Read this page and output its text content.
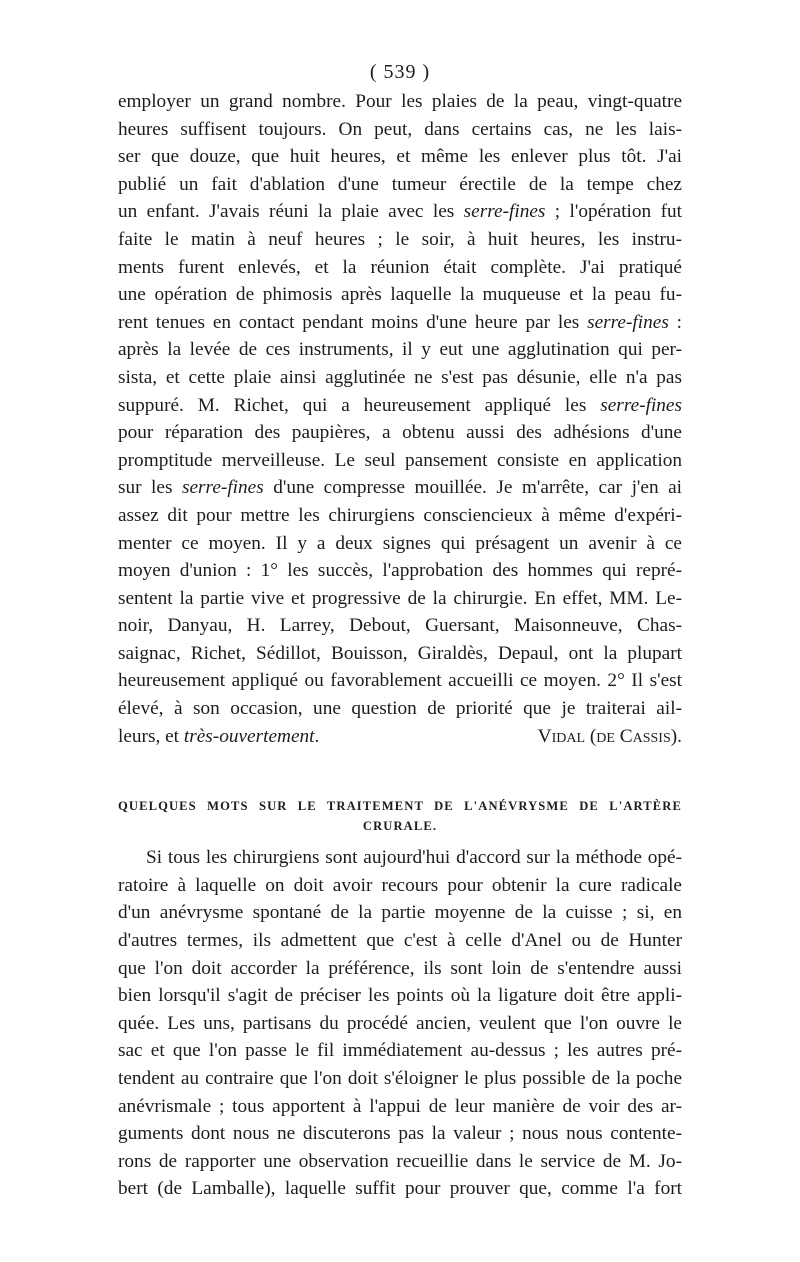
( 539 )
employer un grand nombre. Pour les plaies de la peau, vingt-quatre
heures suffisent toujours. On peut, dans certains cas, ne les lais-
ser que douze, que huit heures, et même les enlever plus tôt. J'ai
publié un fait d'ablation d'une tumeur érectile de la tempe chez
un enfant. J'avais réuni la plaie avec les serre-fines ; l'opération fut
faite le matin à neuf heures ; le soir, à huit heures, les instru-
ments furent enlevés, et la réunion était complète. J'ai pratiqué
une opération de phimosis après laquelle la muqueuse et la peau fu-
rent tenues en contact pendant moins d'une heure par les serre-fines :
après la levée de ces instruments, il y eut une agglutination qui per-
sista, et cette plaie ainsi agglutinée ne s'est pas désunie, elle n'a pas
suppuré. M. Richet, qui a heureusement appliqué les serre-fines
pour réparation des paupières, a obtenu aussi des adhésions d'une
promptitude merveilleuse. Le seul pansement consiste en application
sur les serre-fines d'une compresse mouillée. Je m'arrête, car j'en ai
assez dit pour mettre les chirurgiens consciencieux à même d'expéri-
menter ce moyen. Il y a deux signes qui présagent un avenir à ce
moyen d'union : 1° les succès, l'approbation des hommes qui repré-
sentent la partie vive et progressive de la chirurgie. En effet, MM. Le-
noir, Danyau, H. Larrey, Debout, Guersant, Maisonneuve, Chas-
saignac, Richet, Sédillot, Bouisson, Giraldès, Depaul, ont la plupart
heureusement appliqué ou favorablement accueilli ce moyen. 2° Il s'est
élevé, à son occasion, une question de priorité que je traiterai ail-
leurs, et très-ouvertement.	Vidal (de Cassis).
QUELQUES MOTS SUR LE TRAITEMENT DE L'ANÉVRYSME DE L'ARTÈRE
CRURALE.
Si tous les chirurgiens sont aujourd'hui d'accord sur la méthode opé-
ratoire à laquelle on doit avoir recours pour obtenir la cure radicale
d'un anévrysme spontané de la partie moyenne de la cuisse ; si, en
d'autres termes, ils admettent que c'est à celle d'Anel ou de Hunter
que l'on doit accorder la préférence, ils sont loin de s'entendre aussi
bien lorsqu'il s'agit de préciser les points où la ligature doit être appli-
quée. Les uns, partisans du procédé ancien, veulent que l'on ouvre le
sac et que l'on passe le fil immédiatement au-dessus ; les autres pré-
tendent au contraire que l'on doit s'éloigner le plus possible de la poche
anévrismale ; tous apportent à l'appui de leur manière de voir des ar-
guments dont nous ne discuterons pas la valeur ; nous nous contente-
rons de rapporter une observation recueillie dans le service de M. Jo-
bert (de Lamballe), laquelle suffit pour prouver que, comme l'a fort
